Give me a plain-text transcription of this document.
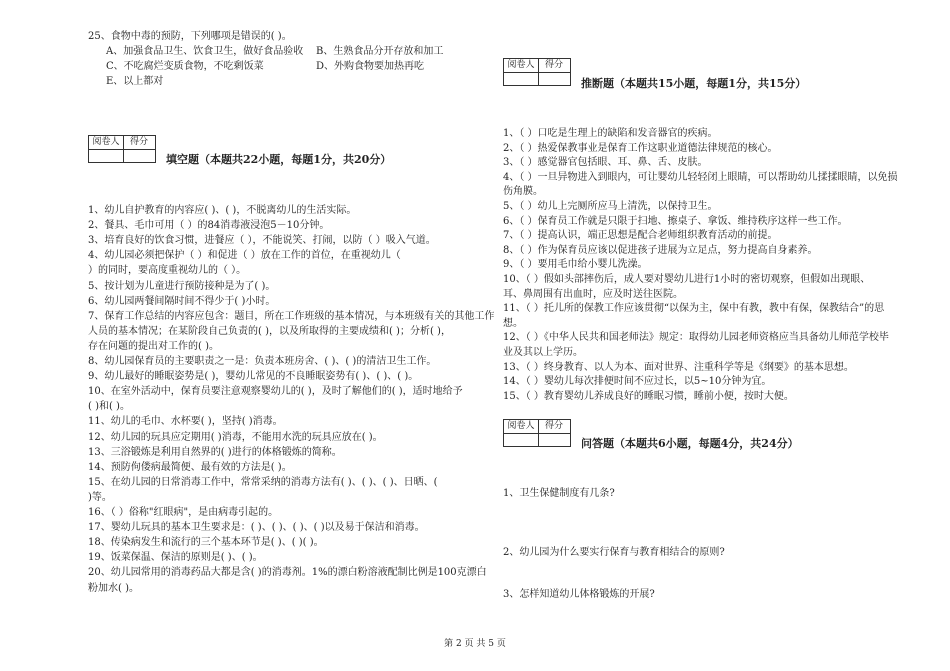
25、食物中毒的预防，下列哪项是错误的( )。
A、加强食品卫生、饮食卫生，做好食品验收 B、生熟食品分开存放和加工
C、不吃腐烂变质食物，不吃剩饭菜	D、外购食物要加热再吃
E、以上都对
阅卷人	得分
填空题（本题共22小题，每题1分，共20分）
1、幼儿自护教育的内容应( )、( )，不脱离幼儿的生活实际。
2、餐具、毛巾可用（ ）的84消毒液浸泡5－10分钟。
3、培育良好的饮食习惯，进餐应（ ），不能说笑、打闹，以防（ ）吸入气道。
4、幼儿园必须把保护（ ）和促进（ ）放在工作的首位，在重视幼儿（
）的同时，要高度重视幼儿的（ ）。
5、按计划为儿童进行预防接种是为了( )。
6、幼儿园两餐间隔时间不得少于( )小时。
7、保育工作总结的内容应包含：题目，所在工作班级的基本情况，与本班级有关的其他工作
人员的基本情况；在某阶段自己负责的( )，以及所取得的主要成绩和( )；分析( )，
存在问题的提出对工作的( )。
8、幼儿园保育员的主要职责之一是：负责本班房舍、( )、( )的清洁卫生工作。
9、幼儿最好的睡眠姿势是( )，婴幼儿常见的不良睡眠姿势有( )、( )、( )。
10、在室外活动中，保育员要注意观察婴幼儿的( )，及时了解他们的( )，适时地给予
( )和( )。
11、幼儿的毛巾、水杯要( )，坚持( )消毒。
12、幼儿园的玩具应定期用( )消毒，不能用水洗的玩具应放在( )。
13、三浴锻炼是利用自然界的( )进行的体格锻炼的简称。
14、预防佝偻病最简便、最有效的方法是( )。
15、在幼儿园的日常消毒工作中，常常采纳的消毒方法有( )、( )、( )、日晒、(
)等。
16、（ ）俗称"红眼病"，是由病毒引起的。
17、婴幼儿玩具的基本卫生要求是：( )、( )、( )、( )以及易于保洁和消毒。
18、传染病发生和流行的三个基本环节是( )、( )( )。
19、饭菜保温、保洁的原则是( )、( )。
20、幼儿园常用的消毒药品大都是含( )的消毒剂。1%的漂白粉溶液配制比例是100克漂白
粉加水( )。
阅卷人	得分
推断题（本题共15小题，每题1分，共15分）
1、（ ）口吃是生理上的缺陷和发音器官的疾病。
2、（ ）热爱保教事业是保育工作这职业道德法律规范的核心。
3、（ ）感觉器官包括眼、耳、鼻、舌、皮肤。
4、（ ）一旦异物进入到眼内，可让婴幼儿轻轻闭上眼睛，可以帮助幼儿揉揉眼睛，以免损
伤角膜。
5、（ ）幼儿上完厕所应马上清洗，以保持卫生。
6、（ ）保育员工作就是只限于扫地、擦桌子、拿饭、维持秩序这样一些工作。
7、（ ）提高认识，端正思想是配合老师组织教育活动的前提。
8、（ ）作为保育员应该以促进孩子进展为立足点，努力提高自身素养。
9、（ ）要用毛巾给小婴儿洗澡。
10、（ ）假如头部摔伤后，成人要对婴幼儿进行1小时的密切观察，但假如出现眼、
耳、鼻周围有出血时，应及时送往医院。
11、（ ）托儿所的保教工作应该贯彻“以保为主，保中有教，教中有保，保教结合”的思
想。
12、（ ）《中华人民共和国老师法》规定：取得幼儿园老师资格应当具备幼儿师范学校毕
业及其以上学历。
13、（ ）终身教育、以人为本、面对世界、注重科学等是《纲要》的基本思想。
14、（ ）婴幼儿每次排便时间不应过长，以5~10分钟为宜。
15、（ ）教育婴幼儿养成良好的睡眠习惯，睡前小便，按时大便。
阅卷人	得分
问答题（本题共6小题，每题4分，共24分）
1、卫生保健制度有几条?
2、幼儿园为什么要实行保育与教育相结合的原则?
3、怎样知道幼儿体格锻炼的开展?
第 2 页 共 5 页
